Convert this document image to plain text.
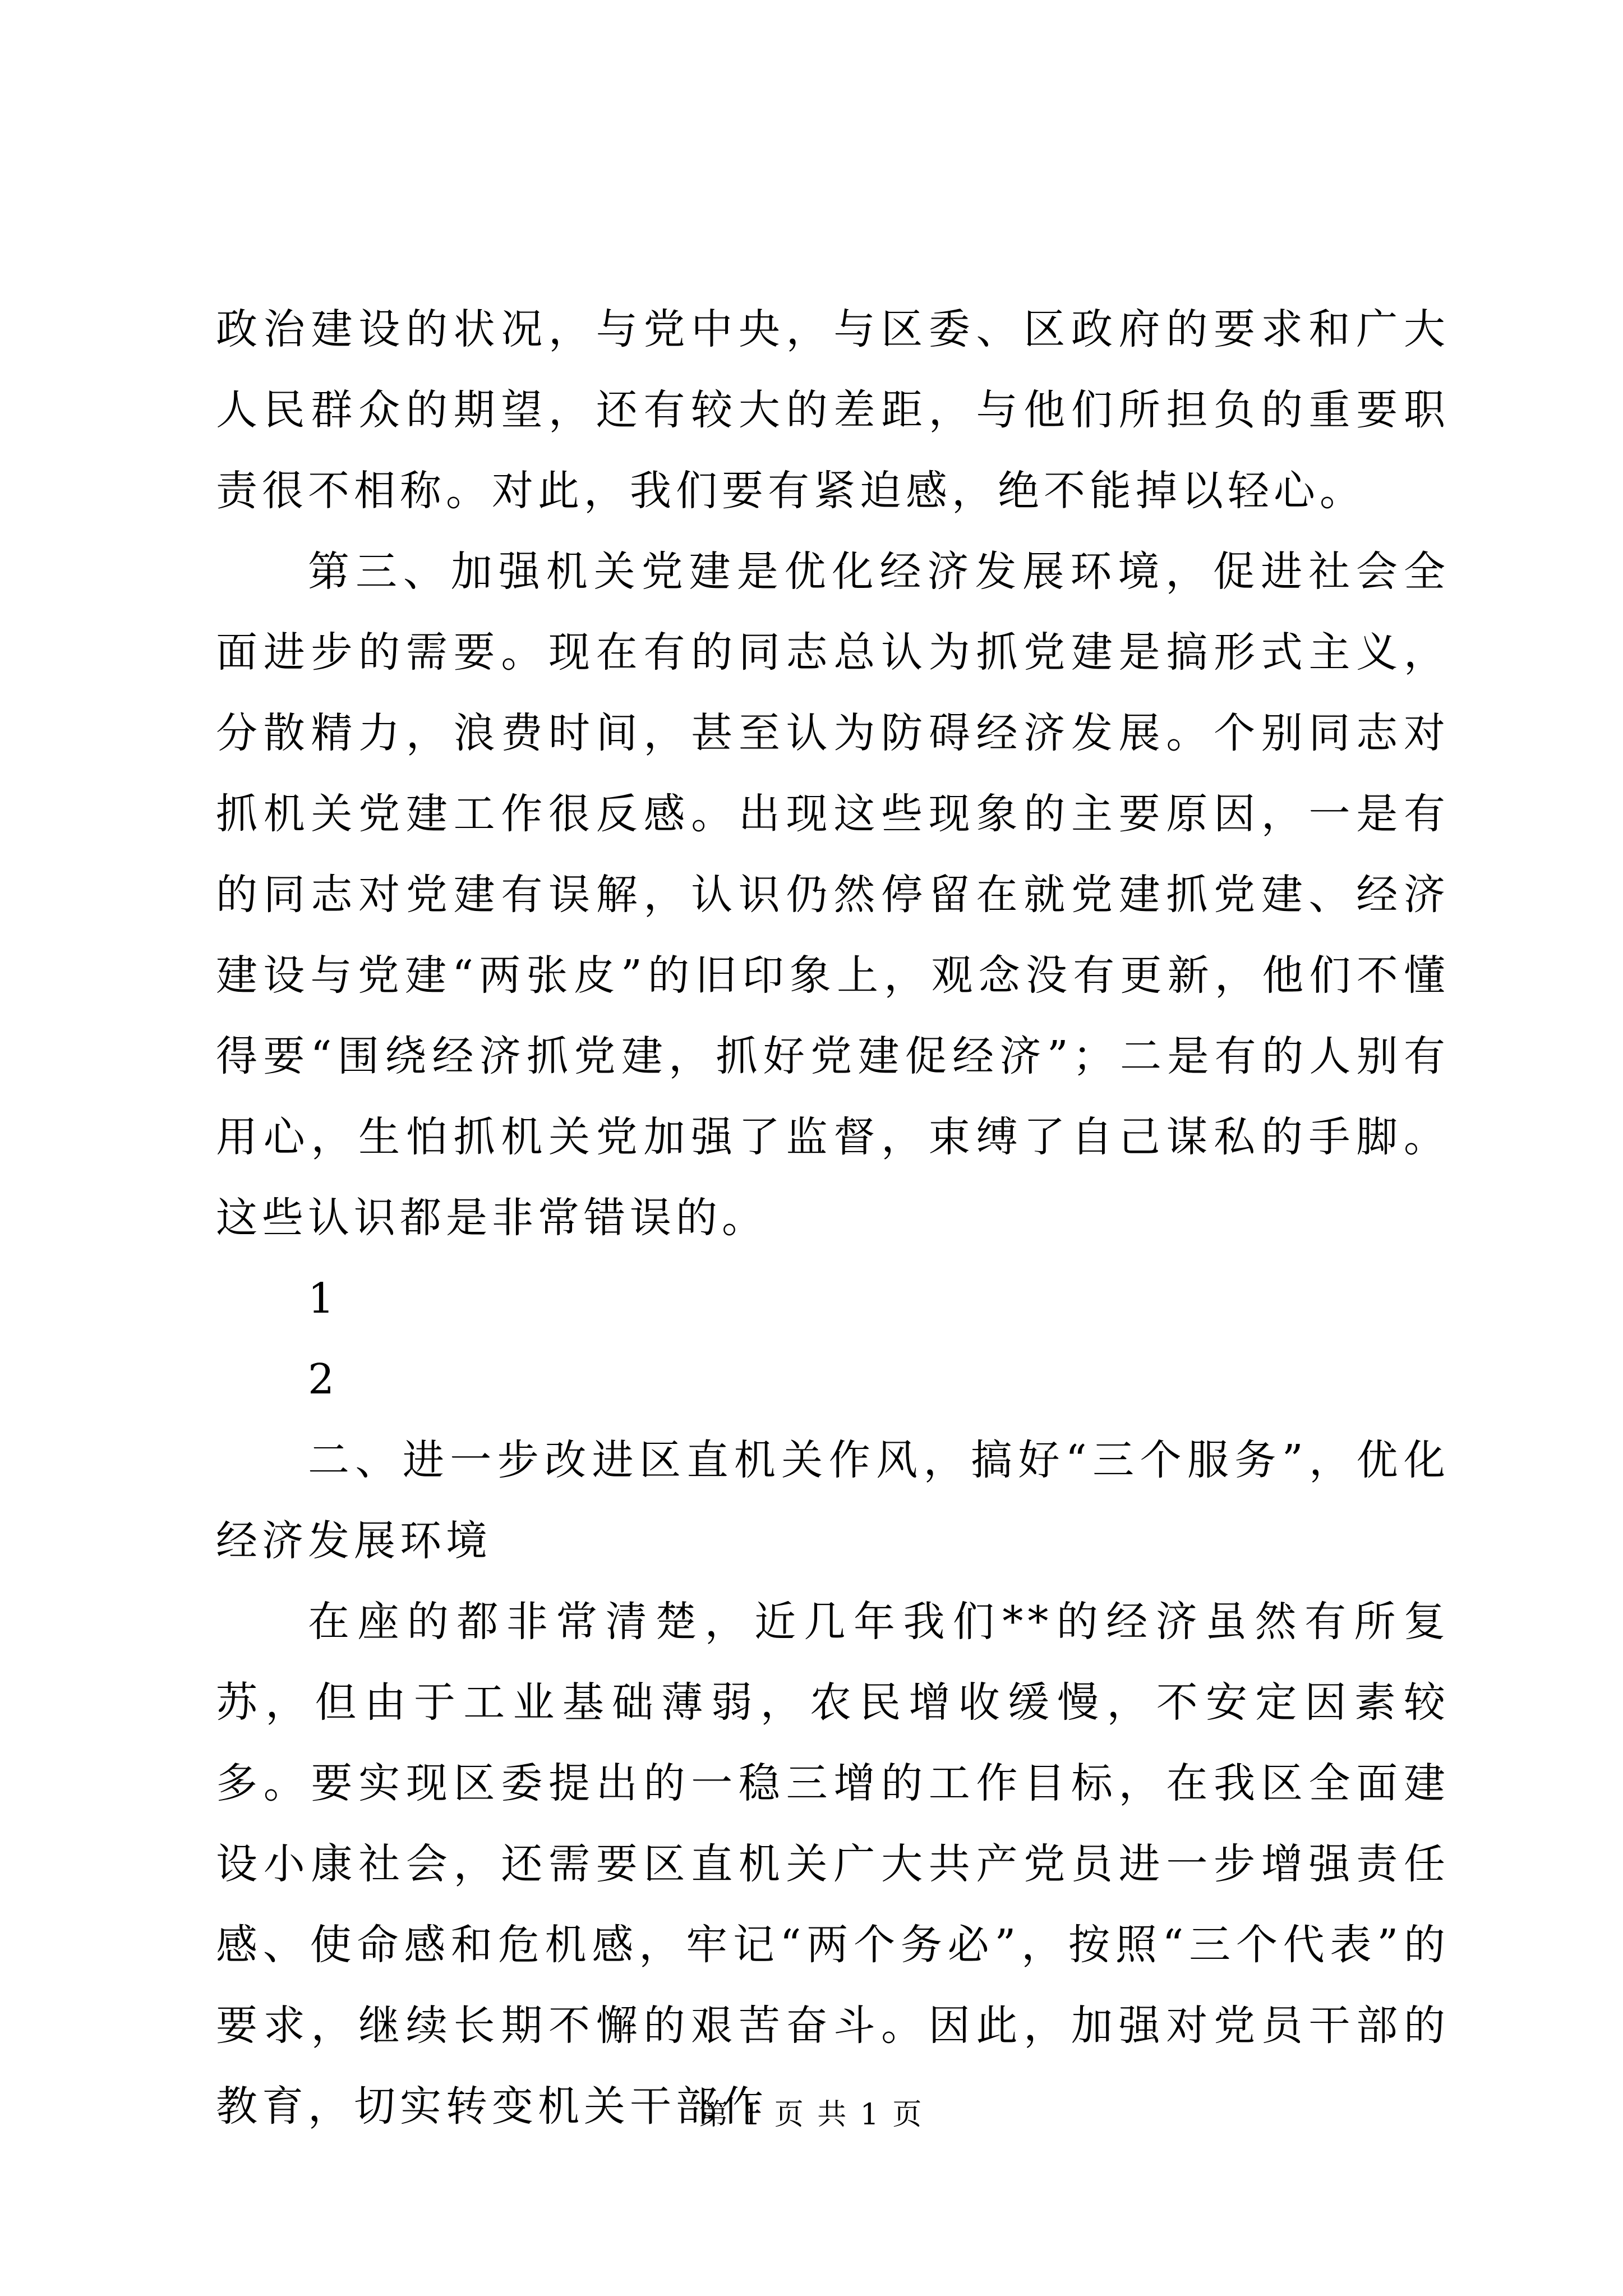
政治建设的状况，与党中央，与区委、区政府的要求和广大人民群众的期望，还有较大的差距，与他们所担负的重要职责很不相称。对此，我们要有紧迫感，绝不能掉以轻心。

第三、加强机关党建是优化经济发展环境，促进社会全面进步的需要。现在有的同志总认为抓党建是搞形式主义，分散精力，浪费时间，甚至认为防碍经济发展。个别同志对抓机关党建工作很反感。出现这些现象的主要原因，一是有的同志对党建有误解，认识仍然停留在就党建抓党建、经济建设与党建“两张皮”的旧印象上，观念没有更新，他们不懂得要“围绕经济抓党建，抓好党建促经济”；二是有的人别有用心，生怕抓机关党加强了监督，束缚了自己谋私的手脚。这些认识都是非常错误的。

1

2

二、进一步改进区直机关作风，搞好“三个服务”，优化经济发展环境

在座的都非常清楚，近几年我们**的经济虽然有所复苏，但由于工业基础薄弱，农民增收缓慢，不安定因素较多。要实现区委提出的一稳三增的工作目标，在我区全面建设小康社会，还需要区直机关广大共产党员进一步增强责任感、使命感和危机感，牢记“两个务必”，按照“三个代表”的要求，继续长期不懈的艰苦奋斗。因此，加强对党员干部的教育，切实转变机关干部作

第 1 页 共 1 页
